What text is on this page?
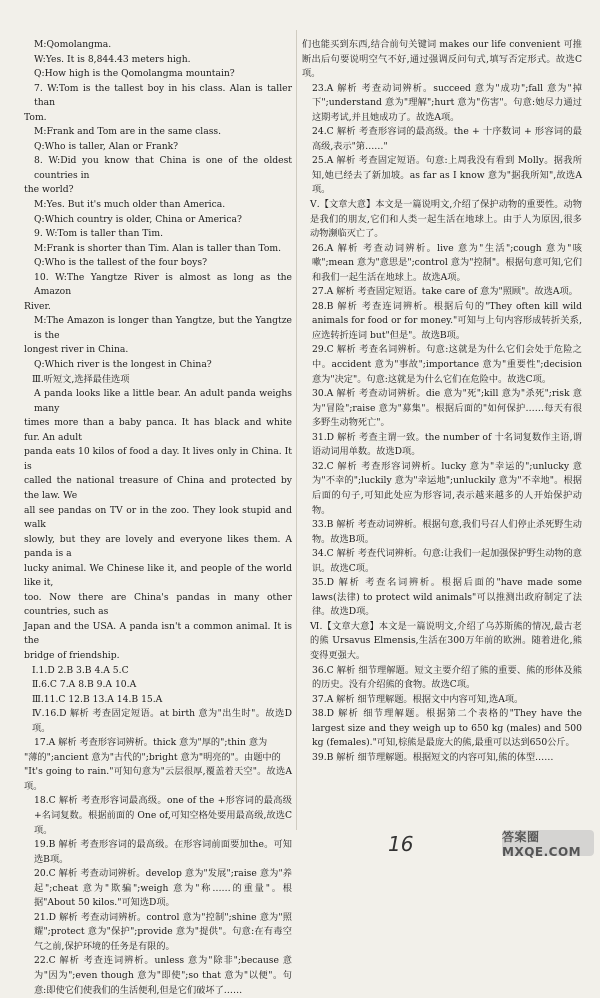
M:Qomolangma.

W:Yes. It is 8,844.43 meters high.

Q:How high is the Qomolangma mountain?

7. W:Tom is the tallest boy in his class. Alan is taller than

Tom.

M:Frank and Tom are in the same class.

Q:Who is taller, Alan or Frank?

8. W:Did you know that China is one of the oldest countries in

the world?

M:Yes. But it's much older than America.

Q:Which country is older, China or America?

9. W:Tom is taller than Tim.

M:Frank is shorter than Tim. Alan is taller than Tom.

Q:Who is the tallest of the four boys?

10. W:The Yangtze River is almost as long as the Amazon

River.

M:The Amazon is longer than Yangtze, but the Yangtze is the

longest river in China.

Q:Which river is the longest in China?

Ⅲ.听短文,选择最佳选项

A panda looks like a little bear. An adult panda weighs many

times more than a baby panca. It has black and white fur. An adult

panda eats 10 kilos of food a day. It lives only in China. It is

called the national treasure of China and protected by the law. We

all see pandas on TV or in the zoo. They look stupid and walk

slowly, but they are lovely and everyone likes them. A panda is a

lucky animal. We Chinese like it, and people of the world like it,

too. Now there are China's pandas in many other countries, such as

Japan and the USA. A panda isn't a common animal. It is the

bridge of friendship.

Ⅰ.1.D 2.B 3.B 4.A 5.C

Ⅱ.6.C 7.A 8.B 9.A 10.A

Ⅲ.11.C 12.B 13.A 14.B 15.A

Ⅳ.16.D 解析 考查固定短语。at birth 意为"出生时"。故选D项。

17.A 解析 考查形容词辨析。thick 意为"厚的";thin 意为

"薄的";ancient 意为"古代的";bright 意为"明亮的"。由题中的

"It's going to rain."可知句意为"云层很厚,覆盖着天空"。故选A项。

18.C 解析 考查形容词最高级。one of the +形容词的最高级+名词复数。根据前面的 One of,可知空格处要用最高级,故选C项。

19.B 解析 考查形容词的最高级。在形容词前面要加the。可知选B项。

20.C 解析 考查动词辨析。develop 意为"发展";raise 意为"养起";cheat 意为"欺骗";weigh 意为"称……的重量"。根据"About 50 kilos."可知选D项。

21.D 解析 考查动词辨析。control 意为"控制";shine 意为"照耀";protect 意为"保护";provide 意为"提供"。句意:在有毒空气之前,保护环境的任务是有限的。

22.C 解析 考查连词辨析。unless 意为"除非";because 意为"因为";even though 意为"即使";so that 意为"以便"。句意:即使它们使我们的生活便利,但是它们破坏了……

们也能买到东西,结合前句关键词 makes our life convenient 可推断出后句要说明空气不好,通过强调反问句式,填写否定形式。故选C项。

23.A 解析 考查动词辨析。succeed 意为"成功";fall 意为"掉下";understand 意为"理解";hurt 意为"伤害"。句意:她尽力通过这期考试,并且她成功了。故选A项。

24.C 解析 考查形容词的最高级。the + 十序数词 + 形容词的最高级,表示"第……"

25.A 解析 考查固定短语。句意:上周我没有看到 Molly。据我所知,她已经去了新加坡。as far as I know 意为"据我所知",故选A项。

Ⅴ.【文章大意】本文是一篇说明文,介绍了保护动物的重要性。动物是我们的朋友,它们和人类一起生活在地球上。由于人为原因,很多动物濒临灭亡了。

26.A 解析 考查动词辨析。live 意为"生活";cough 意为"咳嗽";mean 意为"意思是";control 意为"控制"。根据句意可知,它们和我们一起生活在地球上。故选A项。

27.A 解析 考查固定短语。take care of 意为"照顾"。故选A项。

28.B 解析 考查连词辨析。根据后句的"They often kill wild animals for food or for money."可知与上句内容形成转折关系,应选转折连词 but"但是"。故选B项。

29.C 解析 考查名词辨析。句意:这就是为什么它们会处于危险之中。accident 意为"事故";importance 意为"重要性";decision 意为"决定"。句意:这就是为什么它们在危险中。故选C项。

30.A 解析 考查动词辨析。die 意为"死";kill 意为"杀死";risk 意为"冒险";raise 意为"募集"。根据后面的"如何保护……每天有很多野生动物死亡"。

31.D 解析 考查主谓一致。the number of 十名词复数作主语,谓语动词用单数。故选D项。

32.C 解析 考查形容词辨析。lucky 意为"幸运的";unlucky 意为"不幸的";luckily 意为"幸运地";unluckily 意为"不幸地"。根据后面的句子,可知此处应为形容词,表示越来越多的人开始保护动物。

33.B 解析 考查动词辨析。根据句意,我们号召人们停止杀死野生动物。故选B项。

34.C 解析 考查代词辨析。句意:让我们一起加强保护野生动物的意识。故选C项。

35.D 解析 考查名词辨析。根据后面的"have made some laws(法律) to protect wild animals"可以推测出政府制定了法律。故选D项。

Ⅵ.【文章大意】本文是一篇说明文,介绍了乌苏斯熊的情况,最古老的熊 Ursavus Elmensis,生活在300万年前的欧洲。随着进化,熊变得更强大。

36.C 解析 细节理解题。短文主要介绍了熊的重要、熊的形体及熊的历史。没有介绍熊的食物。故选C项。

37.A 解析 细节理解题。根据文中内容可知,选A项。

38.D 解析 细节理解题。根据第二个表格的"They have the largest size and they weigh up to 650 kg (males) and 500 kg (females)."可知,棕熊是最庞大的熊,最重可以达到650公斤。

39.B 解析 细节理解题。根据短文的内容可知,熊的体型……

16	答案圈 MXQE.COM
